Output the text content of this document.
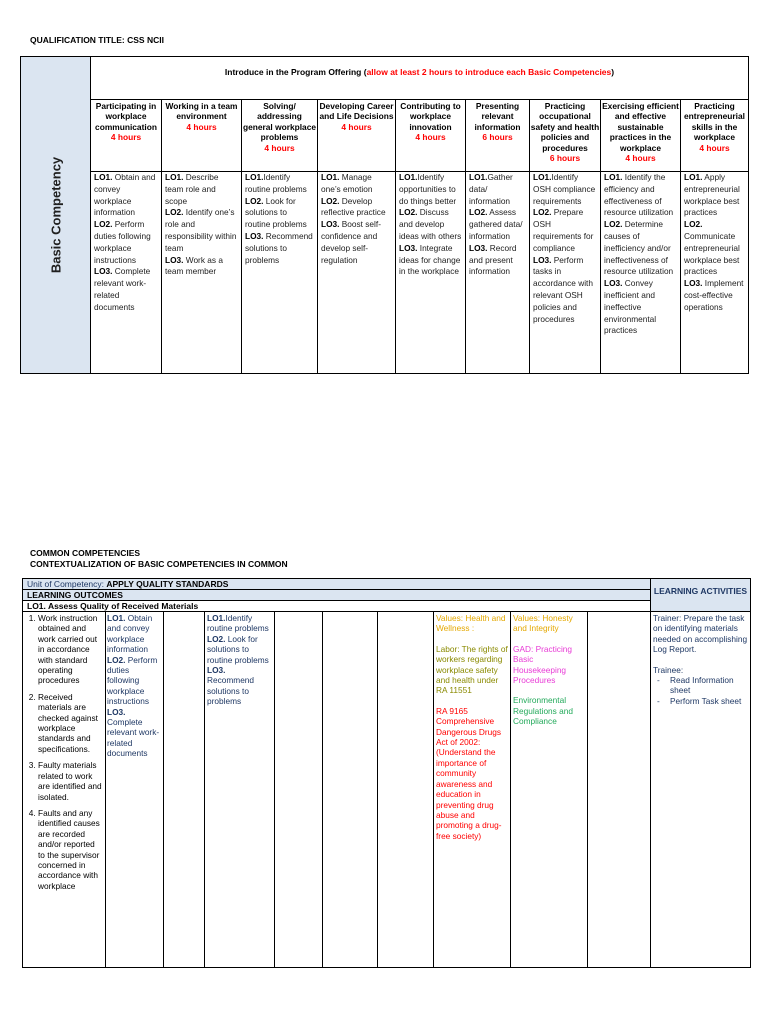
QUALIFICATION TITLE: CSS NCII
Basic Competency
Introduce in the Program Offering (allow at least 2 hours to introduce each Basic Competencies)
Participating in workplace communication
4 hours
LO1. Obtain and convey workplace information
LO2. Perform duties following workplace instructions
LO3. Complete relevant work-related documents
Working in a team environment
4 hours
LO1. Describe team role and scope
LO2. Identify one’s role and responsibility within team
LO3. Work as a team member
Solving/ addressing general workplace problems
4 hours
LO1.Identify routine problems
LO2. Look for solutions to routine problems
LO3. Recommend solutions to problems
Developing Career and Life Decisions
4 hours
LO1. Manage one’s emotion
LO2. Develop reflective practice
LO3. Boost self-confidence and develop self-regulation
Contributing to workplace innovation
4 hours
LO1.Identify opportunities to do things better
LO2. Discuss and develop ideas with others
LO3. Integrate ideas for change in the workplace
Presenting relevant information
6 hours
LO1.Gather data/ information
LO2. Assess gathered data/ information
LO3. Record and present information
Practicing occupational safety and health policies and procedures
6 hours
LO1.Identify OSH compliance requirements
LO2. Prepare OSH requirements for compliance
LO3. Perform tasks in accordance with relevant OSH policies and procedures
Exercising efficient and effective sustainable practices in the workplace
4 hours
LO1. Identify the efficiency and effectiveness of resource utilization
LO2. Determine causes of inefficiency and/or ineffectiveness of resource utilization
LO3. Convey inefficient and ineffective environmental practices
Practicing entrepreneurial skills in the workplace
4 hours
LO1. Apply entrepreneurial workplace best practices
LO2. Communicate entrepreneurial workplace best practices
LO3. Implement cost-effective operations
COMMON COMPETENCIES
CONTEXTUALIZATION OF BASIC COMPETENCIES IN COMMON
Unit of Competency: APPLY QUALITY STANDARDS
LEARNING OUTCOMES
LO1. Assess Quality of Received Materials
LEARNING ACTIVITIES
1. Work instruction obtained and work carried out in accordance with standard operating procedures
2. Received materials are checked against workplace standards and specifications.
3. Faulty materials related to work are identified and isolated.
4. Faults and any identified causes are recorded and/or reported to the supervisor concerned in accordance with workplace
LO1. Obtain and convey workplace information
LO2. Perform duties following workplace instructions
LO3. Complete relevant work-related documents
LO1.Identify routine problems
LO2. Look for solutions to routine problems
LO3. Recommend solutions to problems

Values: Health and Wellness :

Labor: The rights of workers regarding workplace safety and health under RA 11551

RA 9165 Comprehensive Dangerous Drugs Act of 2002: (Understand the importance of community awareness and education in preventing drug abuse and promoting a drug-free society)

Values: Honesty and Integrity

GAD: Practicing Basic Housekeeping Procedures

Environmental Regulations and Compliance

Trainer: Prepare the task on identifying materials needed on accomplishing Log Report.

Trainee:
- Read Information sheet
- Perform Task sheet
